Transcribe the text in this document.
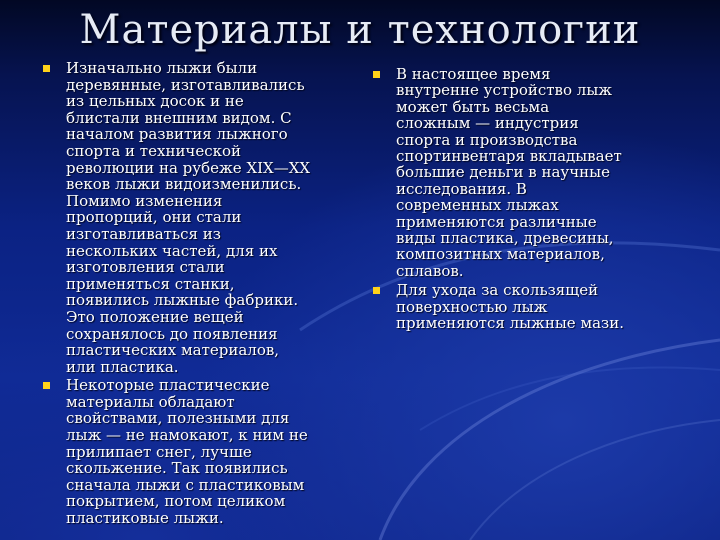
Материалы и технологии
Изначально лыжи были
деревянные, изготавливались
из цельных досок и не
блистали внешним видом. С
началом развития лыжного
спорта и технической
революции на рубеже XIX—XX
веков лыжи видоизменились.
Помимо изменения
пропорций, они стали
изготавливаться из
нескольких частей, для их
изготовления стали
применяться станки,
появились лыжные фабрики.
Это положение вещей
сохранялось до появления
пластических материалов,
или пластика.
Некоторые пластические
материалы обладают
свойствами, полезными для
лыж — не намокают, к ним не
прилипает снег, лучше
скольжение. Так появились
сначала лыжи с пластиковым
покрытием, потом целиком
пластиковые лыжи.
В настоящее время
внутренне устройство лыж
может быть весьма
сложным — индустрия
спорта и производства
спортинвентаря вкладывает
большие деньги в научные
исследования. В
современных лыжах
применяются различные
виды пластика, древесины,
композитных материалов,
сплавов.
Для ухода за скользящей
поверхностью лыж
применяются лыжные мази.
